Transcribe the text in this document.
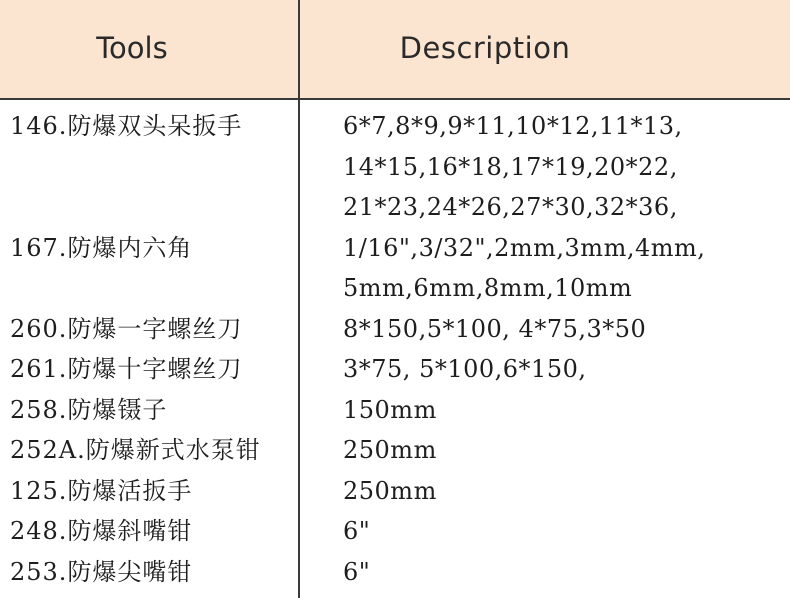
Tools	Description
146.防爆双头呆扳手	6*7,8*9,9*11,10*12,11*13,
14*15,16*18,17*19,20*22,
21*23,24*26,27*30,32*36,
167.防爆内六角	1/16",3/32",2mm,3mm,4mm,
5mm,6mm,8mm,10mm
260.防爆一字螺丝刀	8*150,5*100, 4*75,3*50
261.防爆十字螺丝刀	3*75, 5*100,6*150,
258.防爆镊子	150mm
252A.防爆新式水泵钳	250mm
125.防爆活扳手	250mm
248.防爆斜嘴钳	6"
253.防爆尖嘴钳	6"
